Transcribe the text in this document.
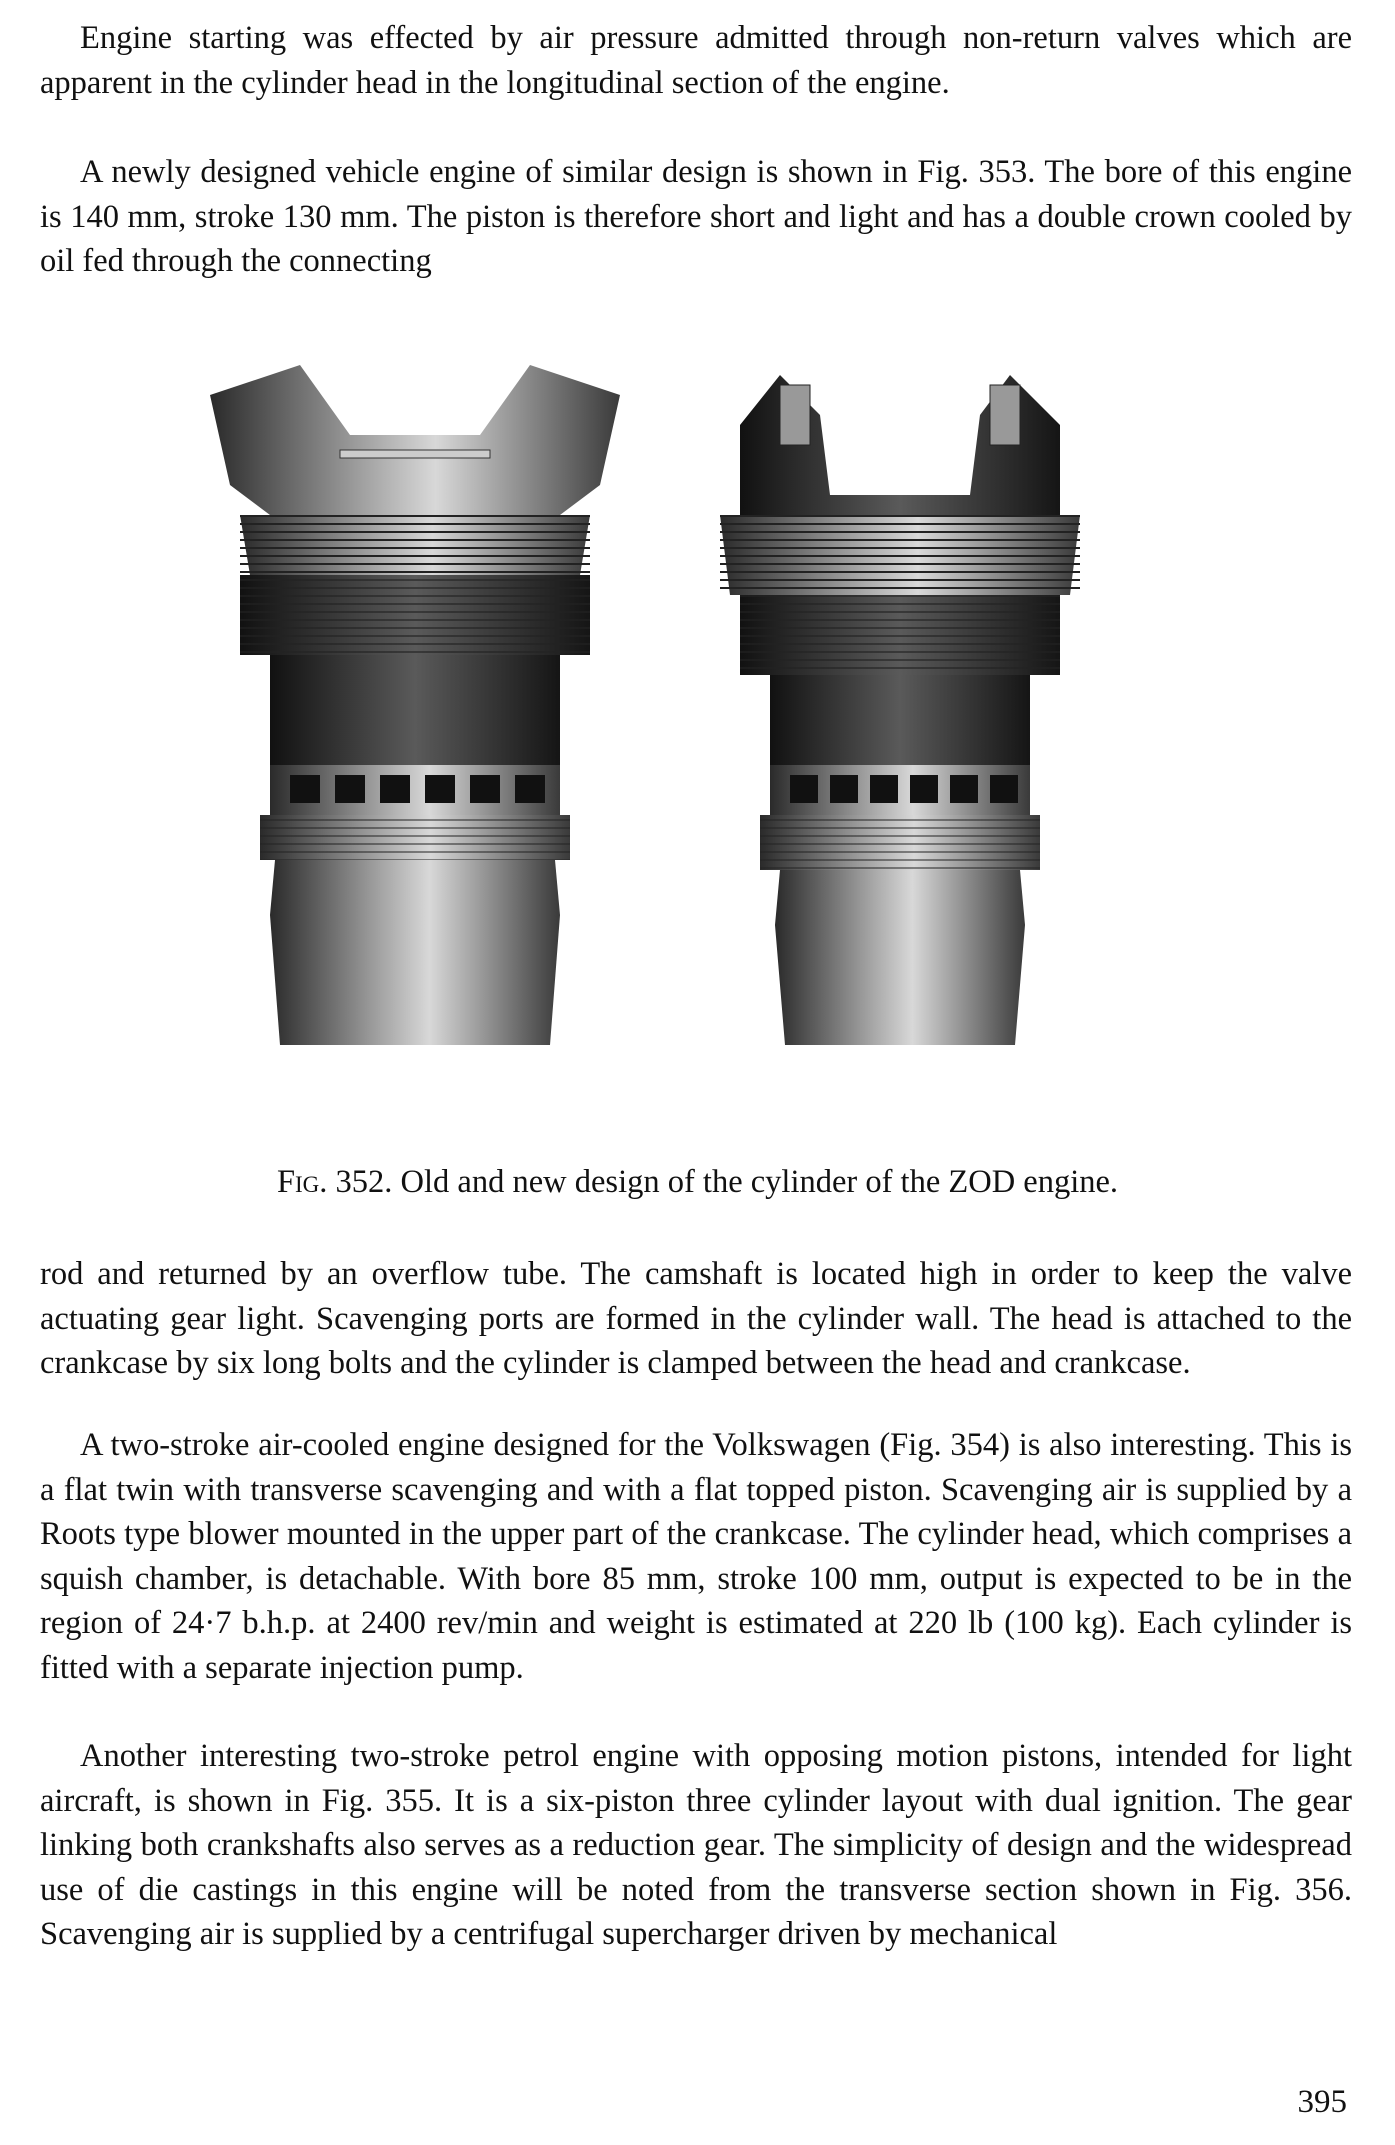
Engine starting was effected by air pressure admitted through non-return valves which are apparent in the cylinder head in the longitudinal section of the engine.

A newly designed vehicle engine of similar design is shown in Fig. 353. The bore of this engine is 140 mm, stroke 130 mm. The piston is therefore short and light and has a double crown cooled by oil fed through the connecting

Fig. 352. Old and new design of the cylinder of the ZOD engine.

rod and returned by an overflow tube. The camshaft is located high in order to keep the valve actuating gear light. Scavenging ports are formed in the cylinder wall. The head is attached to the crankcase by six long bolts and the cylinder is clamped between the head and crankcase.

A two-stroke air-cooled engine designed for the Volkswagen (Fig. 354) is also interesting. This is a flat twin with transverse scavenging and with a flat topped piston. Scavenging air is supplied by a Roots type blower mounted in the upper part of the crankcase. The cylinder head, which comprises a squish chamber, is detachable. With bore 85 mm, stroke 100 mm, output is expected to be in the region of 24·7 b.h.p. at 2400 rev/min and weight is estimated at 220 lb (100 kg). Each cylinder is fitted with a separate injection pump.

Another interesting two-stroke petrol engine with opposing motion pistons, intended for light aircraft, is shown in Fig. 355. It is a six-piston three cylinder layout with dual ignition. The gear linking both crankshafts also serves as a reduction gear. The simplicity of design and the widespread use of die castings in this engine will be noted from the transverse section shown in Fig. 356. Scavenging air is supplied by a centrifugal supercharger driven by mechanical

395
